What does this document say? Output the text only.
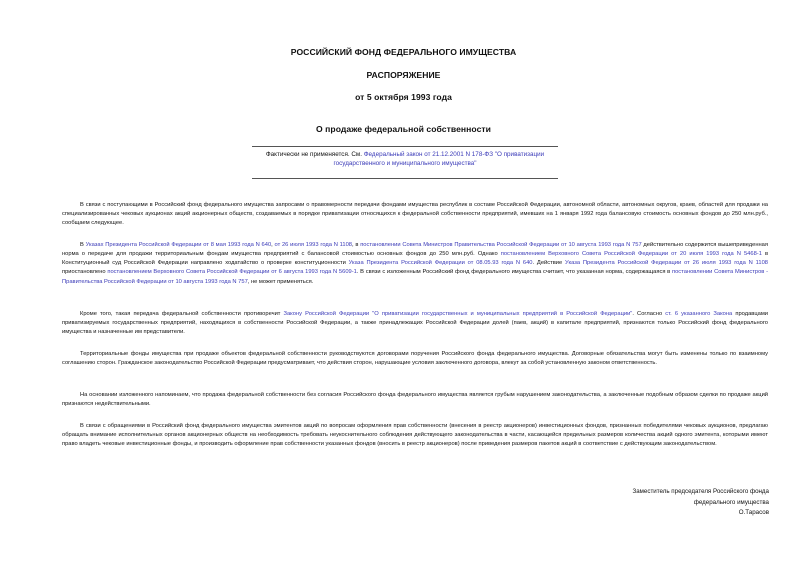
РОССИЙСКИЙ ФОНД ФЕДЕРАЛЬНОГО ИМУЩЕСТВА
РАСПОРЯЖЕНИЕ
от 5 октября 1993 года
О продаже федеральной собственности
Фактически не применяется. См. Федеральный закон от 21.12.2001 N 178-ФЗ "О приватизации государственного и муниципального имущества"

В связи с поступающими в Российский фонд федерального имущества запросами о правомерности передачи фондами имущества республик в составе Российской Федерации, автономной области, автономных округов, краев, областей для продажи на специализированных чековых аукционах акций акционерных обществ, создаваемых в порядке приватизации относящихся к федеральной собственности предприятий, имевших на 1 января 1992 года балансовую стоимость основных фондов до 250 млн.руб., сообщаем следующее.

В Указах Президента Российской Федерации от 8 мая 1993 года N 640, от 26 июля 1993 года N 1108, в постановлении Совета Министров Правительства Российской Федерации от 10 августа 1993 года N 757 действительно содержится вышеприведенная норма о передаче для продажи территориальным фондам имущества предприятий с балансовой стоимостью основных фондов до 250 млн.руб. Однако постановлением Верховного Совета Российской Федерации от 20 июля 1993 года N 5468-1 в Конституционный суд Российской Федерации направлено ходатайство о проверке конституционности Указа Президента Российской Федерации от 08.05.93 года N 640. Действие Указа Президента Российской Федерации от 26 июля 1993 года N 1108 приостановлено постановлением Верховного Совета Российской Федерации от 6 августа 1993 года N 5609-1. В связи с изложенным Российский фонд федерального имущества считает, что указанная норма, содержащаяся в постановлении Совета Министров - Правительства Российской Федерации от 10 августа 1993 года N 757, не может применяться.

Кроме того, такая передача федеральной собственности противоречит Закону Российской Федерации "О приватизации государственных и муниципальных предприятий в Российской Федерации". Согласно ст. 6 указанного Закона продавцами приватизируемых государственных предприятий, находящихся в собственности Российской Федерации, а также принадлежащих Российской Федерации долей (паев, акций) в капитале предприятий, признаются только Российский фонд федерального имущества и назначенные им представители.

Территориальные фонды имущества при продаже объектов федеральной собственности руководствуются договорами поручения Российского фонда федерального имущества. Договорные обязательства могут быть изменены только по взаимному соглашению сторон. Гражданское законодательство Российской Федерации предусматривает, что действия сторон, нарушающие условия заключенного договора, влекут за собой установленную законом ответственность.

На основании изложенного напоминаем, что продажа федеральной собственности без согласия Российского фонда федерального имущества является грубым нарушением законодательства, а заключенные подобным образом сделки по продаже акций признаются недействительными.

В связи с обращениями в Российский фонд федерального имущества эмитентов акций по вопросам оформления прав собственности (внесения в реестр акционеров) инвестиционных фондов, признанных победителями чековых аукционов, предлагаю обращать внимание исполнительных органов акционерных обществ на необходимость требовать неукоснительного соблюдения действующего законодательства в части, касающейся предельных размеров количества акций одного эмитента, которыми имеют право владеть чековые инвестиционные фонды, и производить оформление прав собственности указанных фондов (вносить в реестр акционеров) после приведения размеров пакетов акций в соответствие с действующим законодательством.

Заместитель председателя Российского фонда
федерального имущества
О.Тарасов
